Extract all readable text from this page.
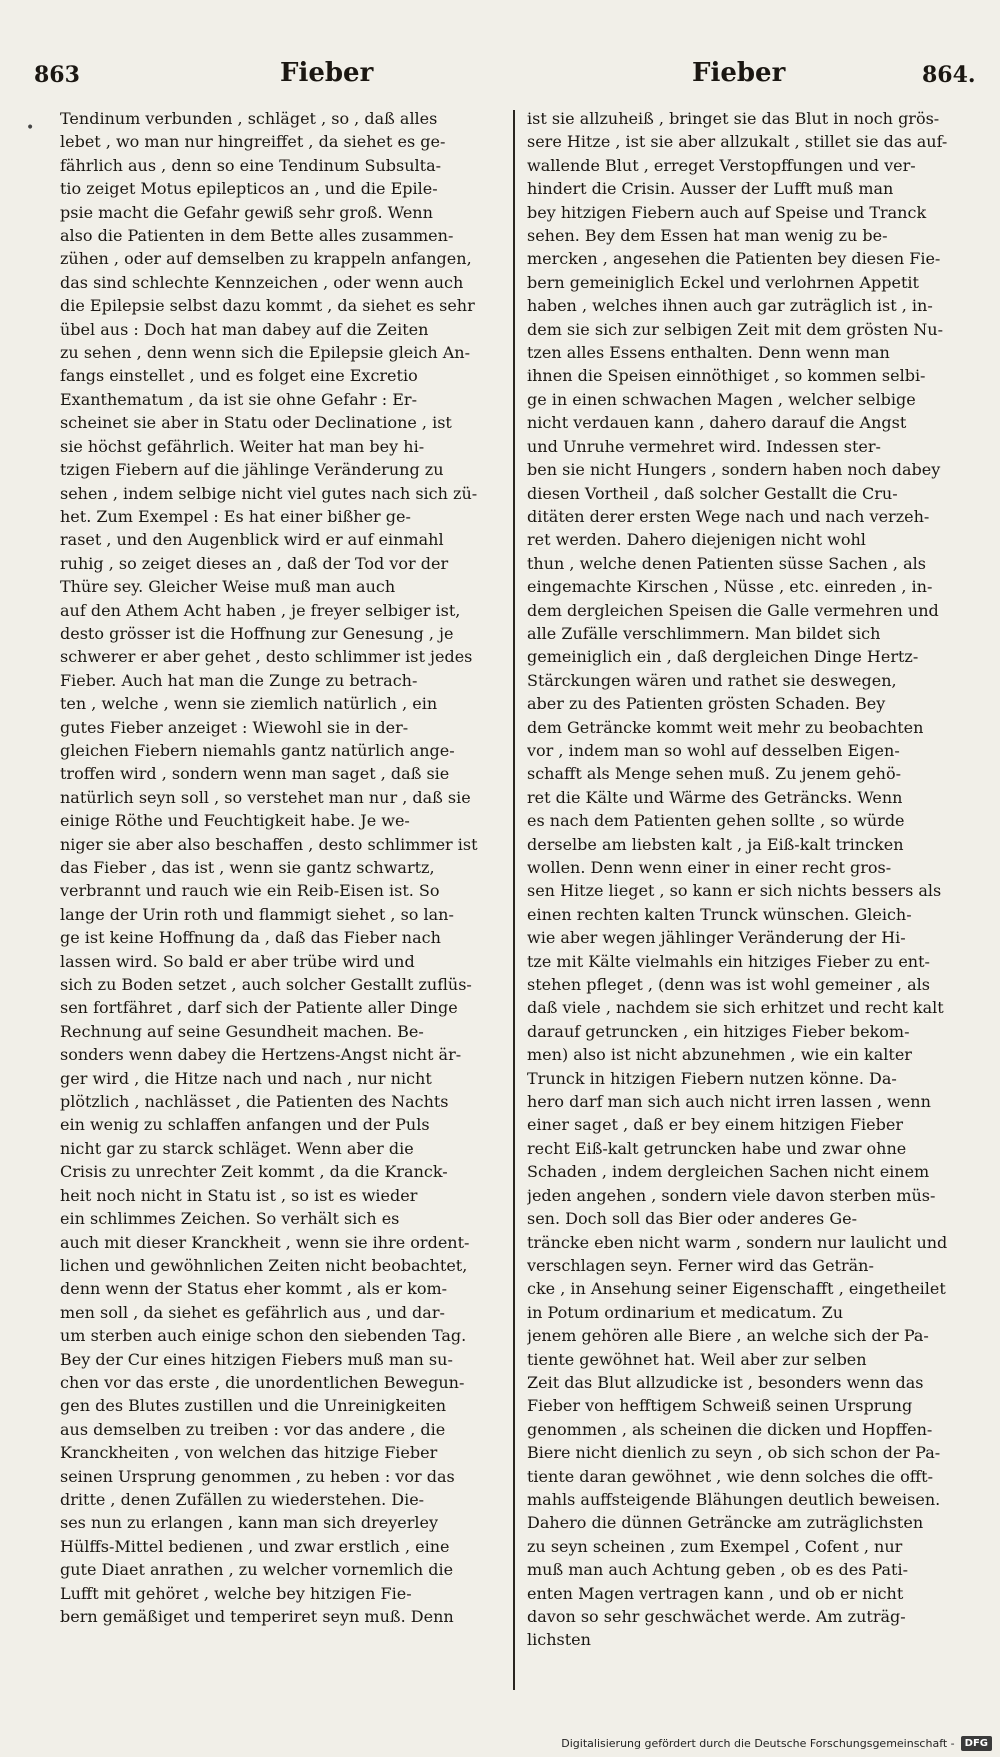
•
863	Fieber	Fieber	864.
Tendinum verbunden , schläget , so , daß alles
lebet , wo man nur hingreiffet , da siehet es ge-
fährlich aus , denn so eine Tendinum Subsulta-
tio zeiget Motus epilepticos an , und die Epile-
psie macht die Gefahr gewiß sehr groß. Wenn
also die Patienten in dem Bette alles zusammen-
zühen , oder auf demselben zu krappeln anfangen,
das sind schlechte Kennzeichen , oder wenn auch
die Epilepsie selbst dazu kommt , da siehet es sehr
übel aus : Doch hat man dabey auf die Zeiten
zu sehen , denn wenn sich die Epilepsie gleich An-
fangs einstellet , und es folget eine Excretio
Exanthematum , da ist sie ohne Gefahr : Er-
scheinet sie aber in Statu oder Declinatione , ist
sie höchst gefährlich. Weiter hat man bey hi-
tzigen Fiebern auf die jählinge Veränderung zu
sehen , indem selbige nicht viel gutes nach sich zü-
het. Zum Exempel : Es hat einer bißher ge-
raset , und den Augenblick wird er auf einmahl
ruhig , so zeiget dieses an , daß der Tod vor der
Thüre sey. Gleicher Weise muß man auch
auf den Athem Acht haben , je freyer selbiger ist,
desto grösser ist die Hoffnung zur Genesung , je
schwerer er aber gehet , desto schlimmer ist jedes
Fieber. Auch hat man die Zunge zu betrach-
ten , welche , wenn sie ziemlich natürlich , ein
gutes Fieber anzeiget : Wiewohl sie in der-
gleichen Fiebern niemahls gantz natürlich ange-
troffen wird , sondern wenn man saget , daß sie
natürlich seyn soll , so verstehet man nur , daß sie
einige Röthe und Feuchtigkeit habe. Je we-
niger sie aber also beschaffen , desto schlimmer ist
das Fieber , das ist , wenn sie gantz schwartz,
verbrannt und rauch wie ein Reib-Eisen ist. So
lange der Urin roth und flammigt siehet , so lan-
ge ist keine Hoffnung da , daß das Fieber nach
lassen wird. So bald er aber trübe wird und
sich zu Boden setzet , auch solcher Gestallt zuflüs-
sen fortfähret , darf sich der Patiente aller Dinge
Rechnung auf seine Gesundheit machen. Be-
sonders wenn dabey die Hertzens-Angst nicht är-
ger wird , die Hitze nach und nach , nur nicht
plötzlich , nachlässet , die Patienten des Nachts
ein wenig zu schlaffen anfangen und der Puls
nicht gar zu starck schläget. Wenn aber die
Crisis zu unrechter Zeit kommt , da die Kranck-
heit noch nicht in Statu ist , so ist es wieder
ein schlimmes Zeichen. So verhält sich es
auch mit dieser Kranckheit , wenn sie ihre ordent-
lichen und gewöhnlichen Zeiten nicht beobachtet,
denn wenn der Status eher kommt , als er kom-
men soll , da siehet es gefährlich aus , und dar-
um sterben auch einige schon den siebenden Tag.
Bey der Cur eines hitzigen Fiebers muß man su-
chen vor das erste , die unordentlichen Bewegun-
gen des Blutes zustillen und die Unreinigkeiten
aus demselben zu treiben : vor das andere , die
Kranckheiten , von welchen das hitzige Fieber
seinen Ursprung genommen , zu heben : vor das
dritte , denen Zufällen zu wiederstehen. Die-
ses nun zu erlangen , kann man sich dreyerley
Hülffs-Mittel bedienen , und zwar erstlich , eine
gute Diaet anrathen , zu welcher vornemlich die
Lufft mit gehöret , welche bey hitzigen Fie-
bern gemäßiget und temperiret seyn muß. Denn
ist sie allzuheiß , bringet sie das Blut in noch grös-
sere Hitze , ist sie aber allzukalt , stillet sie das auf-
wallende Blut , erreget Verstopffungen und ver-
hindert die Crisin. Ausser der Lufft muß man
bey hitzigen Fiebern auch auf Speise und Tranck
sehen. Bey dem Essen hat man wenig zu be-
mercken , angesehen die Patienten bey diesen Fie-
bern gemeiniglich Eckel und verlohrnen Appetit
haben , welches ihnen auch gar zuträglich ist , in-
dem sie sich zur selbigen Zeit mit dem grösten Nu-
tzen alles Essens enthalten. Denn wenn man
ihnen die Speisen einnöthiget , so kommen selbi-
ge in einen schwachen Magen , welcher selbige
nicht verdauen kann , dahero darauf die Angst
und Unruhe vermehret wird. Indessen ster-
ben sie nicht Hungers , sondern haben noch dabey
diesen Vortheil , daß solcher Gestallt die Cru-
ditäten derer ersten Wege nach und nach verzeh-
ret werden. Dahero diejenigen nicht wohl
thun , welche denen Patienten süsse Sachen , als
eingemachte Kirschen , Nüsse , etc. einreden , in-
dem dergleichen Speisen die Galle vermehren und
alle Zufälle verschlimmern. Man bildet sich
gemeiniglich ein , daß dergleichen Dinge Hertz-
Stärckungen wären und rathet sie deswegen,
aber zu des Patienten grösten Schaden. Bey
dem Geträncke kommt weit mehr zu beobachten
vor , indem man so wohl auf desselben Eigen-
schafft als Menge sehen muß. Zu jenem gehö-
ret die Kälte und Wärme des Geträncks. Wenn
es nach dem Patienten gehen sollte , so würde
derselbe am liebsten kalt , ja Eiß-kalt trincken
wollen. Denn wenn einer in einer recht gros-
sen Hitze lieget , so kann er sich nichts bessers als
einen rechten kalten Trunck wünschen. Gleich-
wie aber wegen jählinger Veränderung der Hi-
tze mit Kälte vielmahls ein hitziges Fieber zu ent-
stehen pfleget , (denn was ist wohl gemeiner , als
daß viele , nachdem sie sich erhitzet und recht kalt
darauf getruncken , ein hitziges Fieber bekom-
men) also ist nicht abzunehmen , wie ein kalter
Trunck in hitzigen Fiebern nutzen könne. Da-
hero darf man sich auch nicht irren lassen , wenn
einer saget , daß er bey einem hitzigen Fieber
recht Eiß-kalt getruncken habe und zwar ohne
Schaden , indem dergleichen Sachen nicht einem
jeden angehen , sondern viele davon sterben müs-
sen. Doch soll das Bier oder anderes Ge-
träncke eben nicht warm , sondern nur laulicht und
verschlagen seyn. Ferner wird das Geträn-
cke , in Ansehung seiner Eigenschafft , eingetheilet
in Potum ordinarium et medicatum. Zu
jenem gehören alle Biere , an welche sich der Pa-
tiente gewöhnet hat. Weil aber zur selben
Zeit das Blut allzudicke ist , besonders wenn das
Fieber von hefftigem Schweiß seinen Ursprung
genommen , als scheinen die dicken und Hopffen-
Biere nicht dienlich zu seyn , ob sich schon der Pa-
tiente daran gewöhnet , wie denn solches die offt-
mahls auffsteigende Blähungen deutlich beweisen.
Dahero die dünnen Geträncke am zuträglichsten
zu seyn scheinen , zum Exempel , Cofent , nur
muß man auch Achtung geben , ob es des Pati-
enten Magen vertragen kann , und ob er nicht
davon so sehr geschwächet werde. Am zuträg-
lichsten
Digitalisierung gefördert durch die Deutsche Forschungsgemeinschaft -	DFG
